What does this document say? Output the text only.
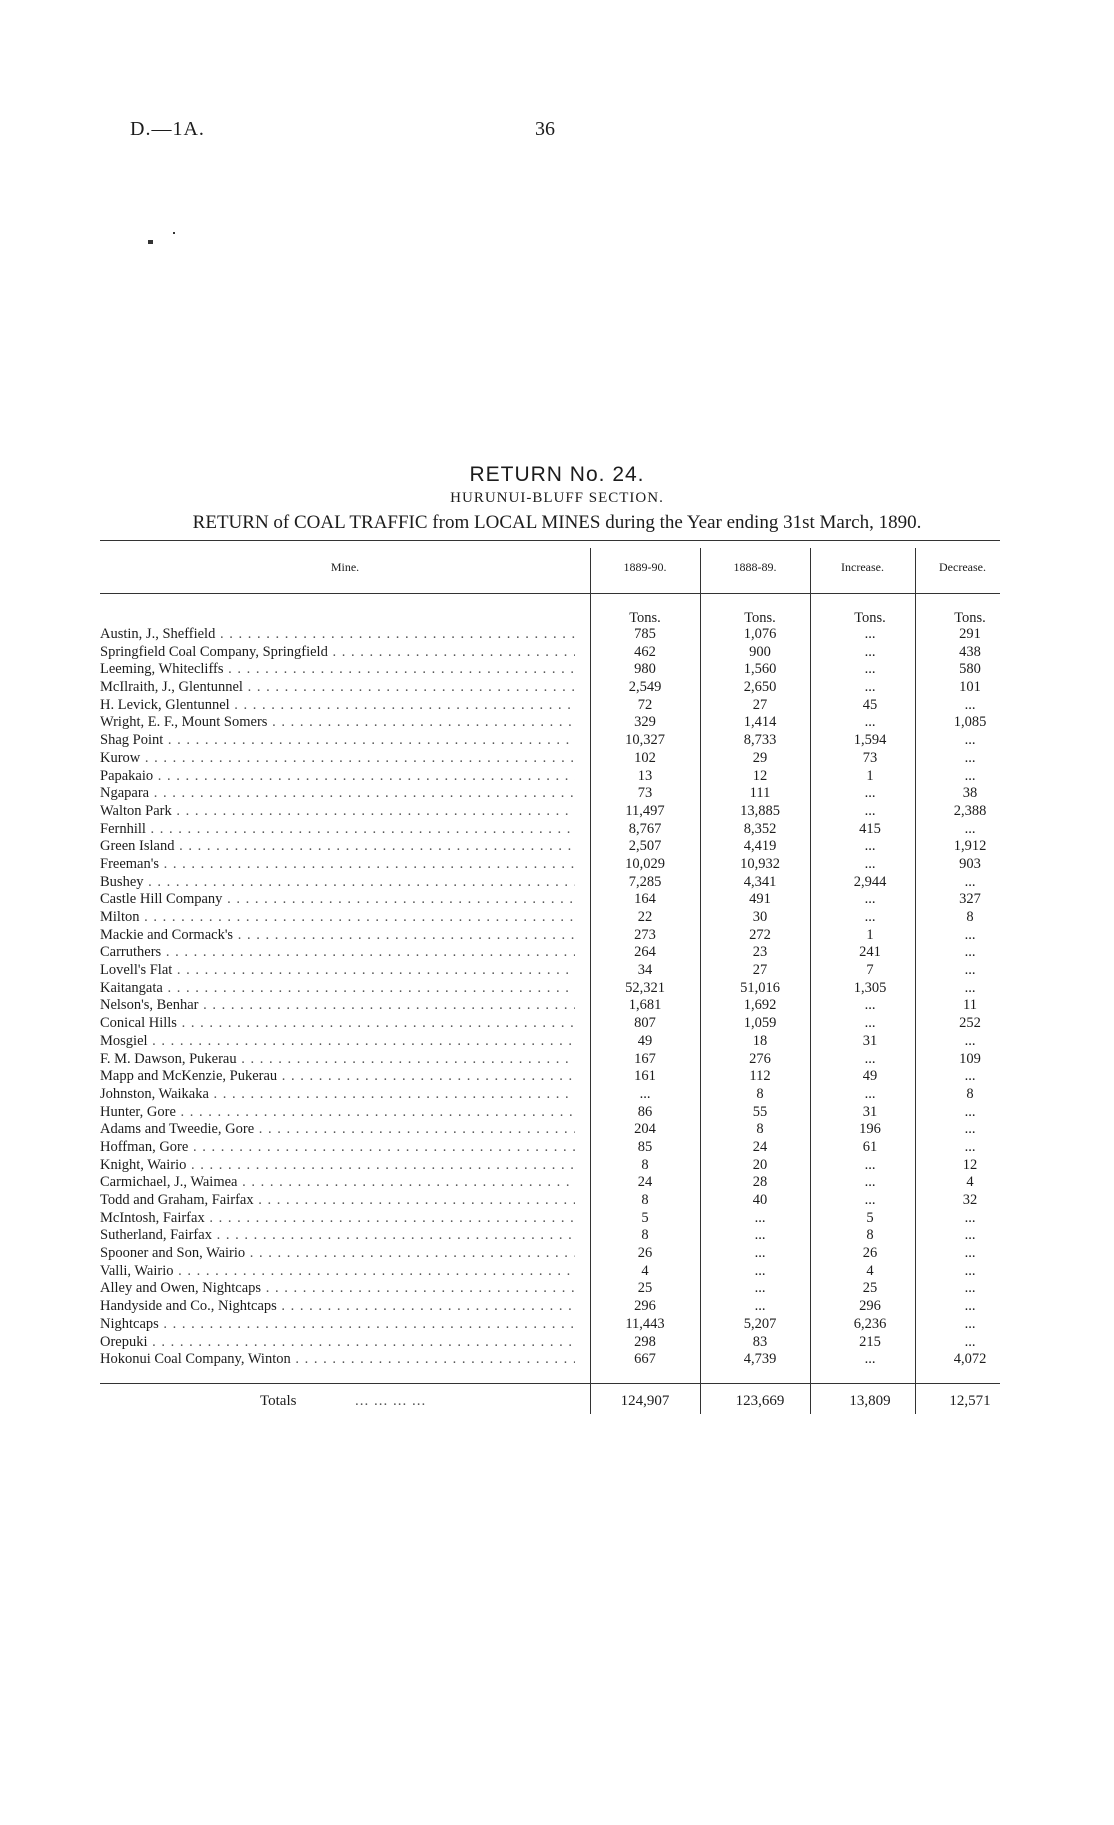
D.—1A.	36
RETURN No. 24.
HURUNUI-BLUFF SECTION.
RETURN of COAL TRAFFIC from LOCAL MINES during the Year ending 31st March, 1890.
Mine.	1889-90.	1888-89.	Increase.	Decrease.
Tons.	Tons.	Tons.	Tons.
Austin, J., Sheffield . . .	785	1,076	...	291
Springfield Coal Company, Springfield . . .	462	900	...	438
Leeming, Whitecliffs . . .	980	1,560	...	580
McIlraith, J., Glentunnel . . .	2,549	2,650	...	101
H. Levick, Glentunnel . . .	72	27	45	...
Wright, E. F., Mount Somers . . .	329	1,414	...	1,085
Shag Point . . .	10,327	8,733	1,594	...
Kurow . . .	102	29	73	...
Papakaio . . .	13	12	1	...
Ngapara . . .	73	111	...	38
Walton Park . . .	11,497	13,885	...	2,388
Fernhill . . .	8,767	8,352	415	...
Green Island . . .	2,507	4,419	...	1,912
Freeman's . . .	10,029	10,932	...	903
Bushey . . .	7,285	4,341	2,944	...
Castle Hill Company . . .	164	491	...	327
Milton . . .	22	30	...	8
Mackie and Cormack's . . .	273	272	1	...
Carruthers . . .	264	23	241	...
Lovell's Flat . . .	34	27	7	...
Kaitangata . . .	52,321	51,016	1,305	...
Nelson's, Benhar . . .	1,681	1,692	...	11
Conical Hills . . .	807	1,059	...	252
Mosgiel . . .	49	18	31	...
F. M. Dawson, Pukerau . . .	167	276	...	109
Mapp and McKenzie, Pukerau . . .	161	112	49	...
Johnston, Waikaka . . .	...	8	...	8
Hunter, Gore . . .	86	55	31	...
Adams and Tweedie, Gore . . .	204	8	196	...
Hoffman, Gore . . .	85	24	61	...
Knight, Wairio . . .	8	20	...	12
Carmichael, J., Waimea . . .	24	28	...	4
Todd and Graham, Fairfax . . .	8	40	...	32
McIntosh, Fairfax . . .	5	...	5	...
Sutherland, Fairfax . . .	8	...	8	...
Spooner and Son, Wairio . . .	26	...	26	...
Valli, Wairio . . .	4	...	4	...
Alley and Owen, Nightcaps . . .	25	...	25	...
Handyside and Co., Nightcaps . . .	296	...	296	...
Nightcaps . . .	11,443	5,207	6,236	...
Orepuki . . .	298	83	215	...
Hokonui Coal Company, Winton . . .	667	4,739	...	4,072
Totals	... ... ... ...	124,907	123,669	13,809	12,571
